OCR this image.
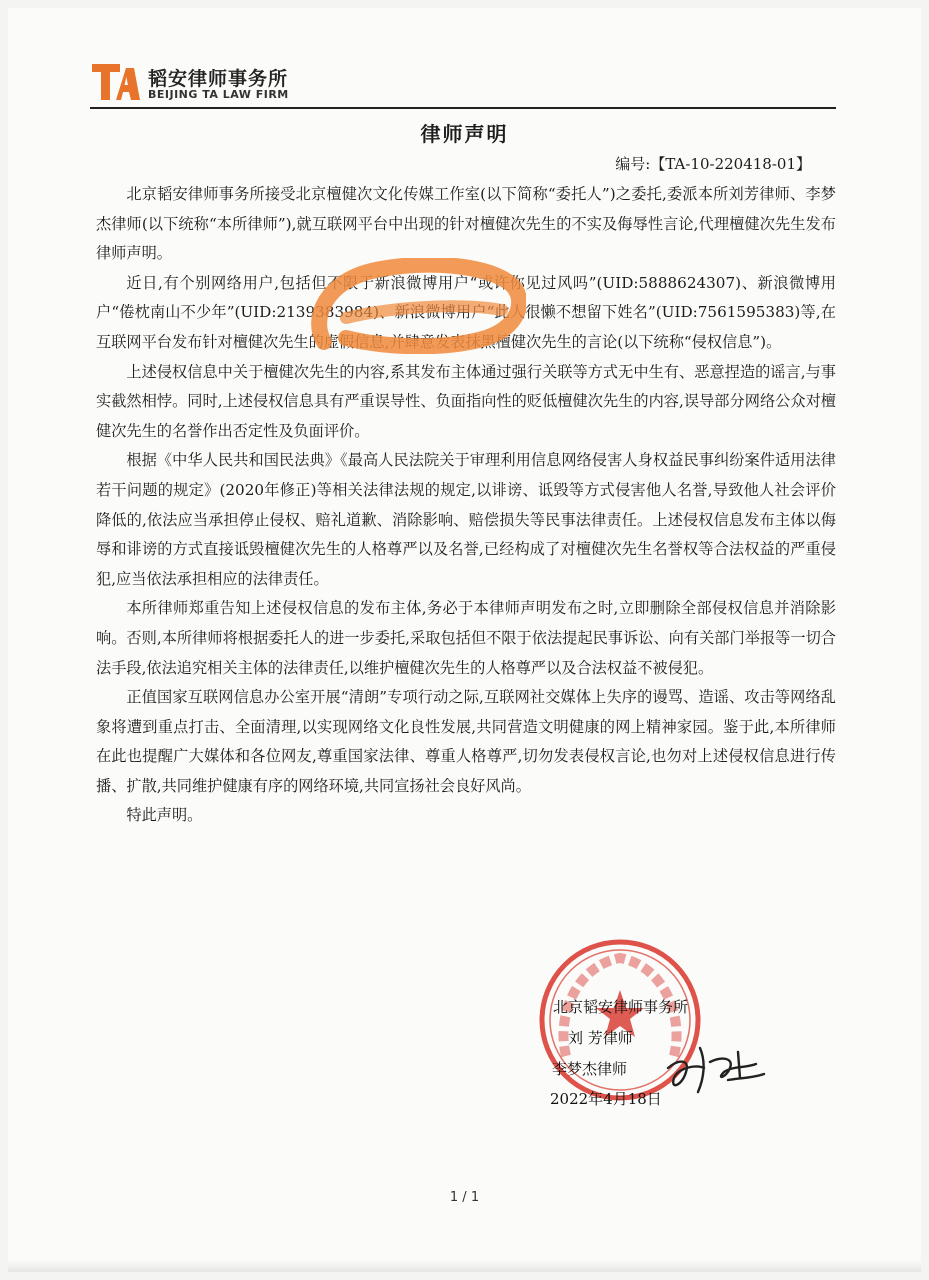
韬安律师事务所
BEIJING TA LAW FIRM
律师声明
编号:【TA-10-220418-01】

北京韬安律师事务所接受北京檀健次文化传媒工作室(以下简称“委托人”)之委托,委派本所刘芳律师、李梦杰律师(以下统称“本所律师”),就互联网平台中出现的针对檀健次先生的不实及侮辱性言论,代理檀健次先生发布律师声明。

近日,有个别网络用户,包括但不限于新浪微博用户“或许你见过风吗”(UID:5888624307)、新浪微博用户“倦枕南山不少年”(UID:2139383984)、新浪微博用户“此人很懒不想留下姓名”(UID:7561595383)等,在互联网平台发布针对檀健次先生的虚假信息,并肆意发表抹黑檀健次先生的言论(以下统称“侵权信息”)。

上述侵权信息中关于檀健次先生的内容,系其发布主体通过强行关联等方式无中生有、恶意捏造的谣言,与事实截然相悖。同时,上述侵权信息具有严重误导性、负面指向性的贬低檀健次先生的内容,误导部分网络公众对檀健次先生的名誉作出否定性及负面评价。

根据《中华人民共和国民法典》《最高人民法院关于审理利用信息网络侵害人身权益民事纠纷案件适用法律若干问题的规定》(2020年修正)等相关法律法规的规定,以诽谤、诋毁等方式侵害他人名誉,导致他人社会评价降低的,依法应当承担停止侵权、赔礼道歉、消除影响、赔偿损失等民事法律责任。上述侵权信息发布主体以侮辱和诽谤的方式直接诋毁檀健次先生的人格尊严以及名誉,已经构成了对檀健次先生名誉权等合法权益的严重侵犯,应当依法承担相应的法律责任。

本所律师郑重告知上述侵权信息的发布主体,务必于本律师声明发布之时,立即删除全部侵权信息并消除影响。否则,本所律师将根据委托人的进一步委托,采取包括但不限于依法提起民事诉讼、向有关部门举报等一切合法手段,依法追究相关主体的法律责任,以维护檀健次先生的人格尊严以及合法权益不被侵犯。

正值国家互联网信息办公室开展“清朗”专项行动之际,互联网社交媒体上失序的谩骂、造谣、攻击等网络乱象将遭到重点打击、全面清理,以实现网络文化良性发展,共同营造文明健康的网上精神家园。鉴于此,本所律师在此也提醒广大媒体和各位网友,尊重国家法律、尊重人格尊严,切勿发表侵权言论,也勿对上述侵权信息进行传播、扩散,共同维护健康有序的网络环境,共同宣扬社会良好风尚。

特此声明。

北京韬安律师事务所
刘 芳律师
李梦杰律师
2022年4月18日
1 / 1
